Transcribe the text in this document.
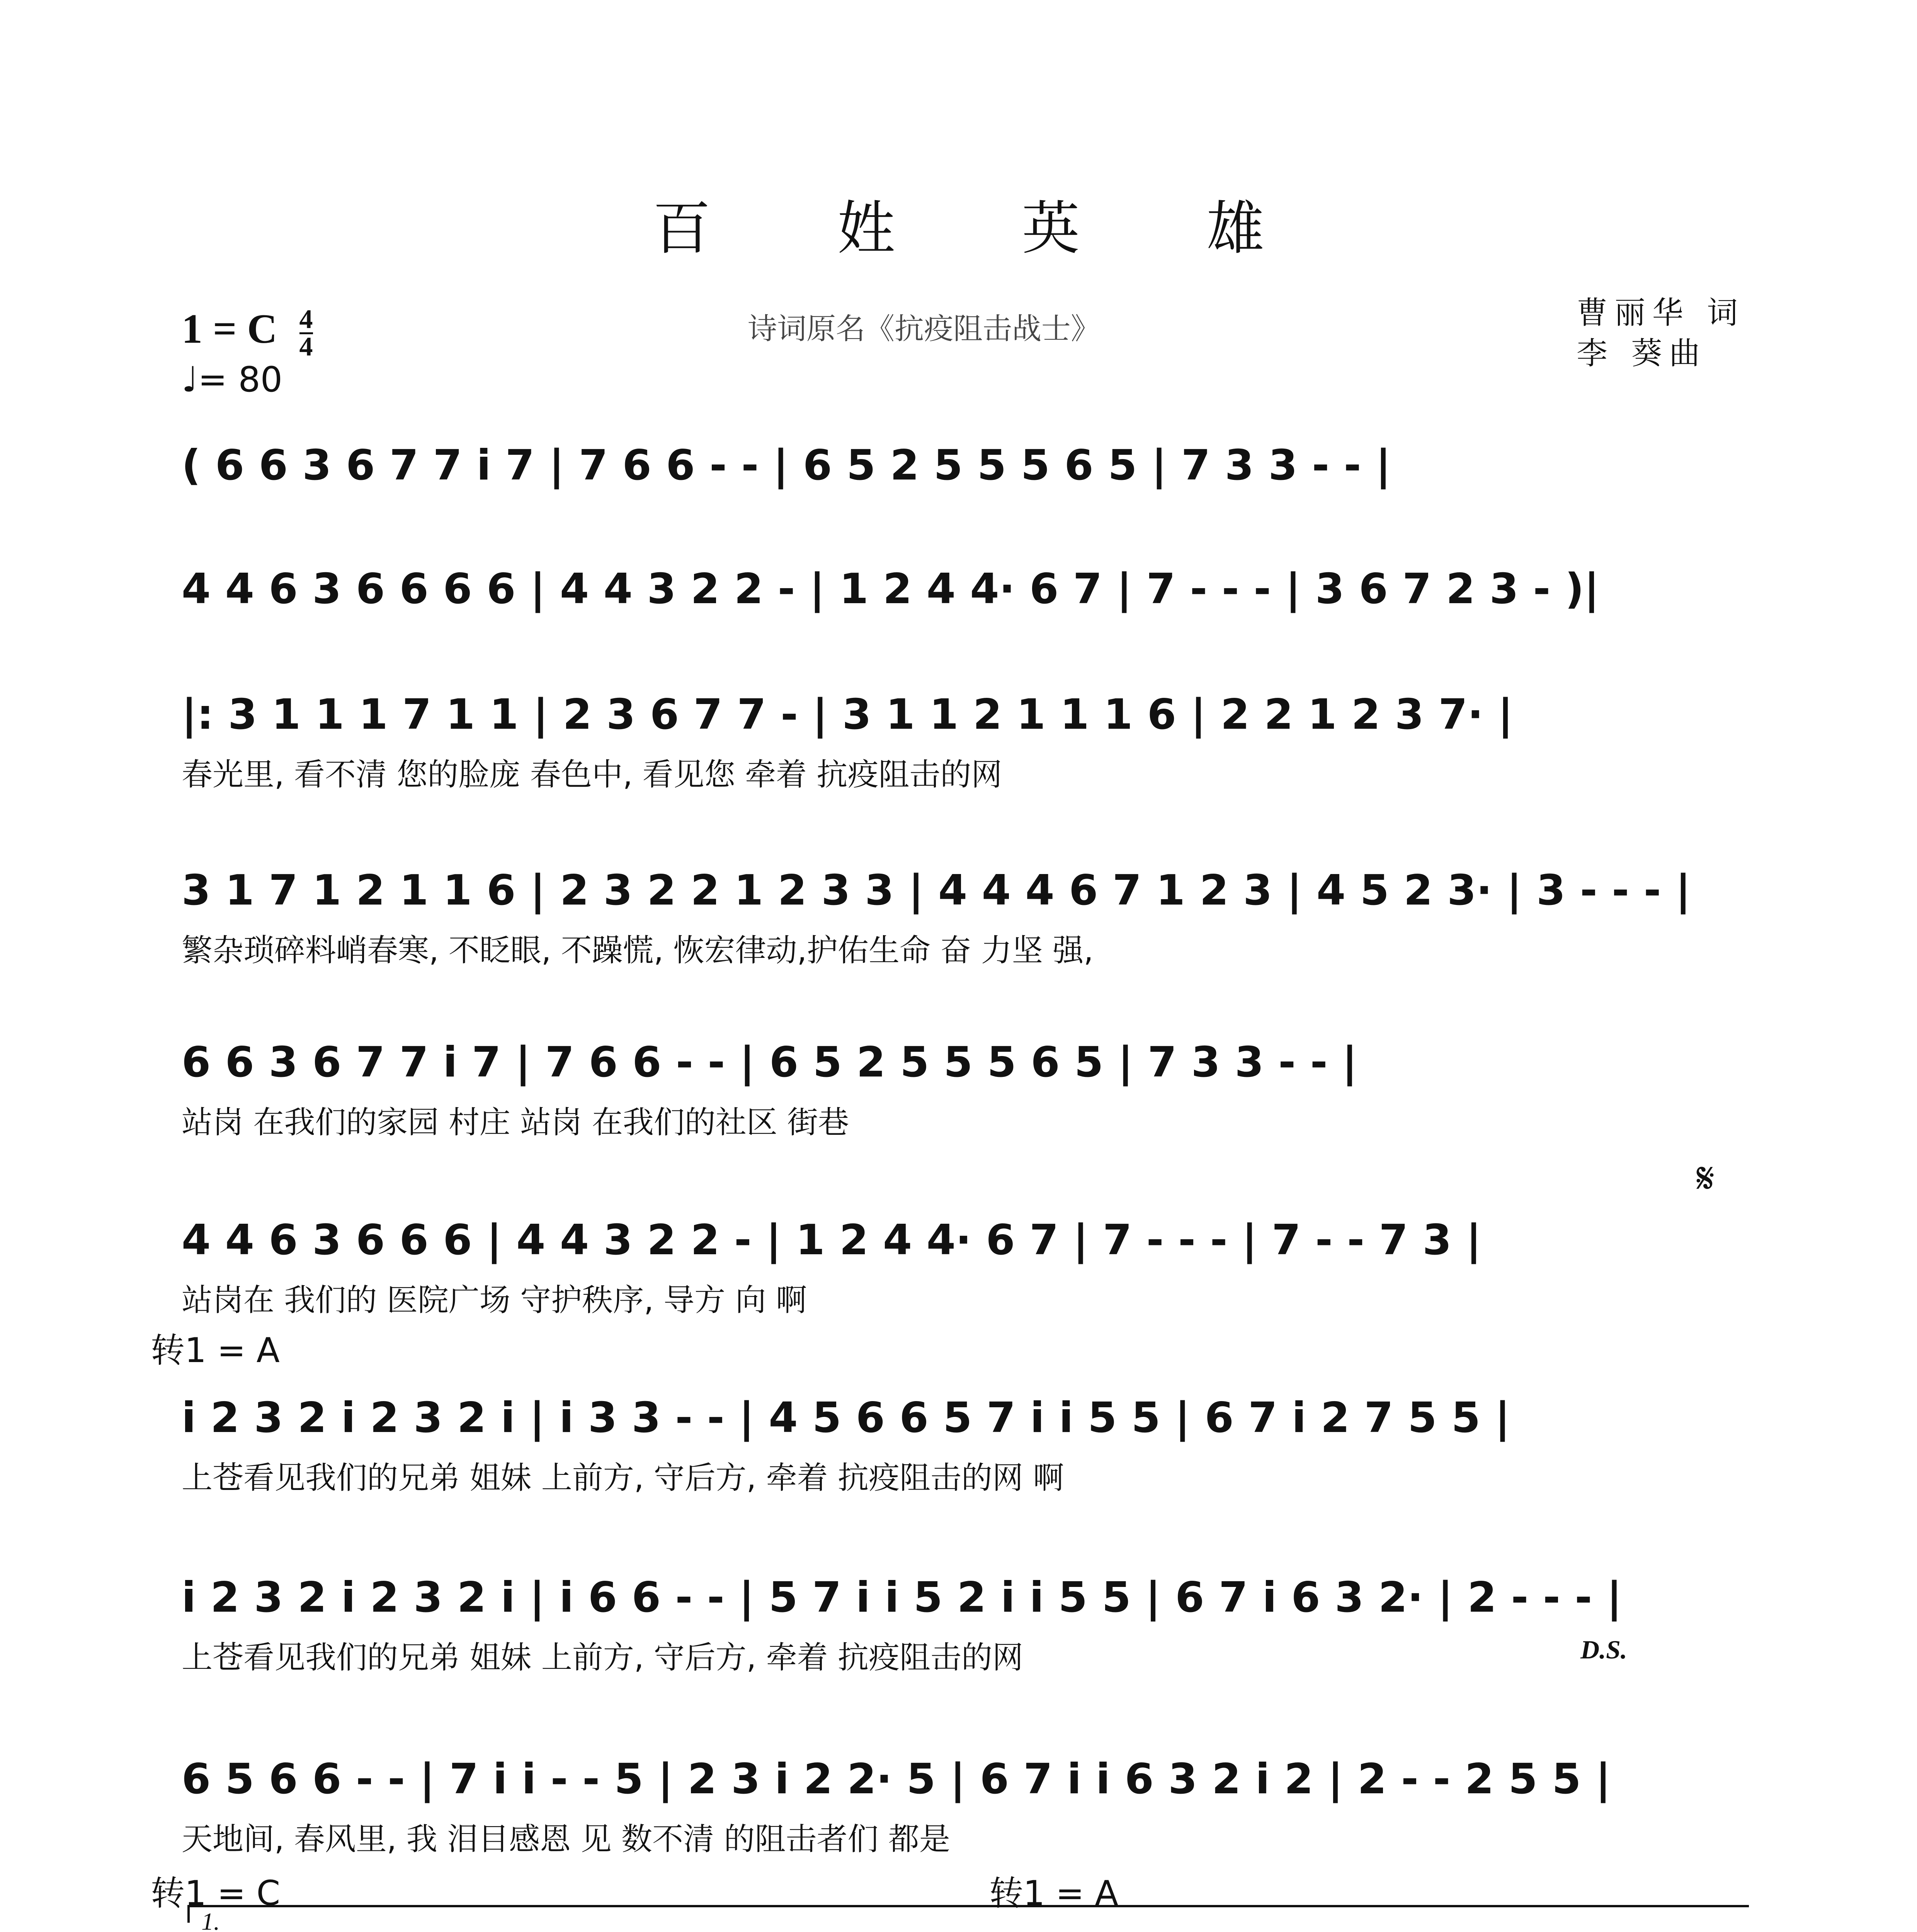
百 姓 英 雄
1 = C $\frac{4}{4}$
♩= 80
诗词原名《抗疫阻击战士》	曹丽华 词
李 葵曲
( 6 6 3 6 7 7 i 7 | 7 6 6 - - | 6 5 2 5 5 5 6 5 | 7 3 3 - - |
4 4 6 3 6 6 6 6 | 4 4 3 2 2 - | 1 2 4 4· 6 7 | 7 - - - | 3 6 7 2 3 - )|
|: 3 1 1 1 7 1 1 | 2 3 6 7 7 - | 3 1 1 2 1 1 1 6 | 2 2 1 2 3 7· |
春光里, 看不清 您的脸庞 春色中, 看见您 牵着 抗疫阻击的网
3 1 7 1 2 1 1 6 | 2 3 2 2 1 2 3 3 | 4 4 4 6 7 1 2 3 | 4 5 2 3· | 3 - - - |
繁杂琐碎料峭春寒, 不眨眼, 不躁慌, 恢宏律动,护佑生命 奋 力坚 强,
6 6 3 6 7 7 i 7 | 7 6 6 - - | 6 5 2 5 5 5 6 5 | 7 3 3 - - |
站岗 在我们的家园 村庄 站岗 在我们的社区 街巷
4 4 6 3 6 6 6 | 4 4 3 2 2 - | 1 2 4 4· 6 7 | 7 - - - | 7 - - 7 3 |
站岗在 我们的 医院广场 守护秩序, 导方 向 啊
转1 = A
𝄋
i 2 3 2 i 2 3 2 i | i 3 3 - - | 4 5 6 6 5 7 i i 5 5 | 6 7 i 2 7 5 5 |
上苍看见我们的兄弟 姐妹 上前方, 守后方, 牵着 抗疫阻击的网 啊
i 2 3 2 i 2 3 2 i | i 6 6 - - | 5 7 i i 5 2 i i 5 5 | 6 7 i 6 3 2· | 2 - - - |
上苍看见我们的兄弟 姐妹 上前方, 守后方, 牵着 抗疫阻击的网	D.S.
6 5 6 6 - - | 7 i i - - 5 | 2 3 i 2 2· 5 | 6 7 i i 6 3 2 i 2 | 2 - - 2 5 5 |
天地间, 春风里, 我 泪目感恩 见 数不清 的阻击者们 都是
转1 = C	转1 = A
1.
